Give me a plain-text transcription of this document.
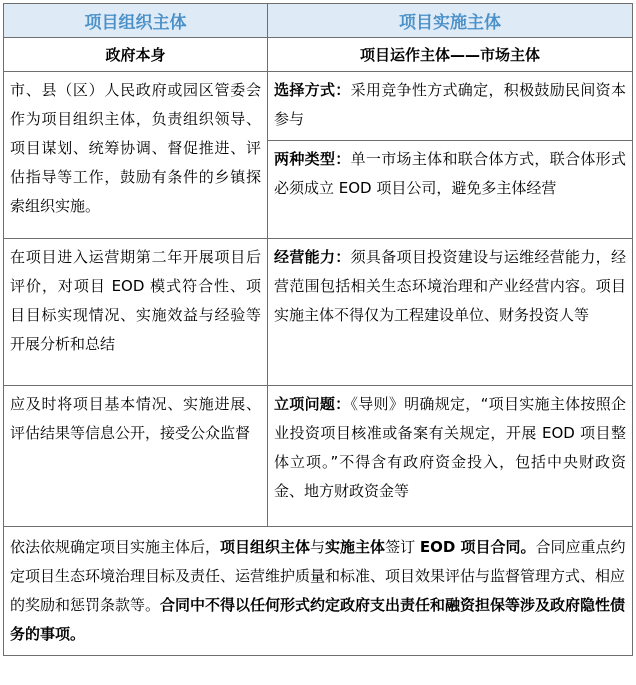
项目组织主体	项目实施主体
政府本身	项目运作主体——市场主体
市、县（区）人民政府或园区管委会作为项目组织主体，负责组织领导、项目谋划、统筹协调、督促推进、评估指导等工作，鼓励有条件的乡镇探索组织实施。	选择方式：采用竞争性方式确定，积极鼓励民间资本参与
	两种类型：单一市场主体和联合体方式，联合体形式必须成立 EOD 项目公司，避免多主体经营
在项目进入运营期第二年开展项目后评价，对项目 EOD 模式符合性、项目目标实现情况、实施效益与经验等开展分析和总结	经营能力：须具备项目投资建设与运维经营能力，经营范围包括相关生态环境治理和产业经营内容。项目实施主体不得仅为工程建设单位、财务投资人等
应及时将项目基本情况、实施进展、评估结果等信息公开，接受公众监督	立项问题：《导则》明确规定，“项目实施主体按照企业投资项目核准或备案有关规定，开展 EOD 项目整体立项。”不得含有政府资金投入，包括中央财政资金、地方财政资金等
依法依规确定项目实施主体后，项目组织主体与实施主体签订 EOD 项目合同。合同应重点约定项目生态环境治理目标及责任、运营维护质量和标准、项目效果评估与监督管理方式、相应的奖励和惩罚条款等。合同中不得以任何形式约定政府支出责任和融资担保等涉及政府隐性债务的事项。	
